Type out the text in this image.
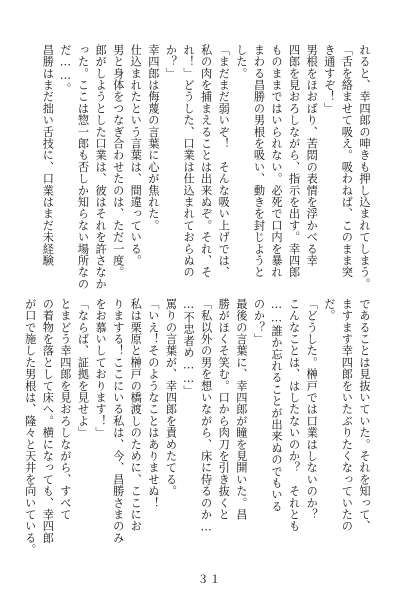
れると、幸四郎の呻きも押し込まれてしまう。
「舌を絡ませて吸え。吸わねば、このまま突
き通すぞ！」
男根をほおばり、苦悶の表情を浮かべる幸
四郎を見おろしながら、指示を出す。幸四郎
ものままではいられない。必死で口内を暴れ
まわる昌勝の男根を吸い、動きを封じようと
した。
「まだまだ弱いぞ！　そんな吸い上げでは、
私の肉を捕まえることは出来ぬぞ。それ、そ
れ！」どうした、口業は仕込まれておらぬの
か？」
幸四郎は侮蔑の言葉に心が焦れた。
仕込まれたという言葉は、間違っている。
男と身体をつなぎ合わせたのは、ただ一度。
郎がしようとした口業は、彼はそれを許さなか
った。ここは惣一郎も否しか知らない場所なの
だ……。
昌勝はまだ拙い舌技に、口業はまだ未経験
であることは見抜いていた。それを知って、
ますます幸四郎をいたぶりたくなっていたの
だ。
「どうした。榊戸では口業はしないのか？
こんなことは、はしたないのか？　それとも
……誰か忘れることが出来ぬのでもいる
のか？」
最後の言葉に、幸四郎が瞳を見開いた。昌
勝がほくそ笑む。口から肉刀を引き抜くと
「私以外の男を想いながら、床に侍るのか…
…不忠者め……」
罵りの言葉が、幸四郎を責めたてる。
「いえ！そのようなことはありませぬ！
私は栗原と榊戸の橋渡しのために、ここにお
りまする！ここにいる私は、今、昌勝さまのみ
をお慕いしております！」
「ならば、証拠を見せよ」
とまどう幸四郎を見おろしながら、すべて
の着物を落として床へ。横になっても、幸四郎
が口で施した男根は、隆々と天井を向いている。
３１
